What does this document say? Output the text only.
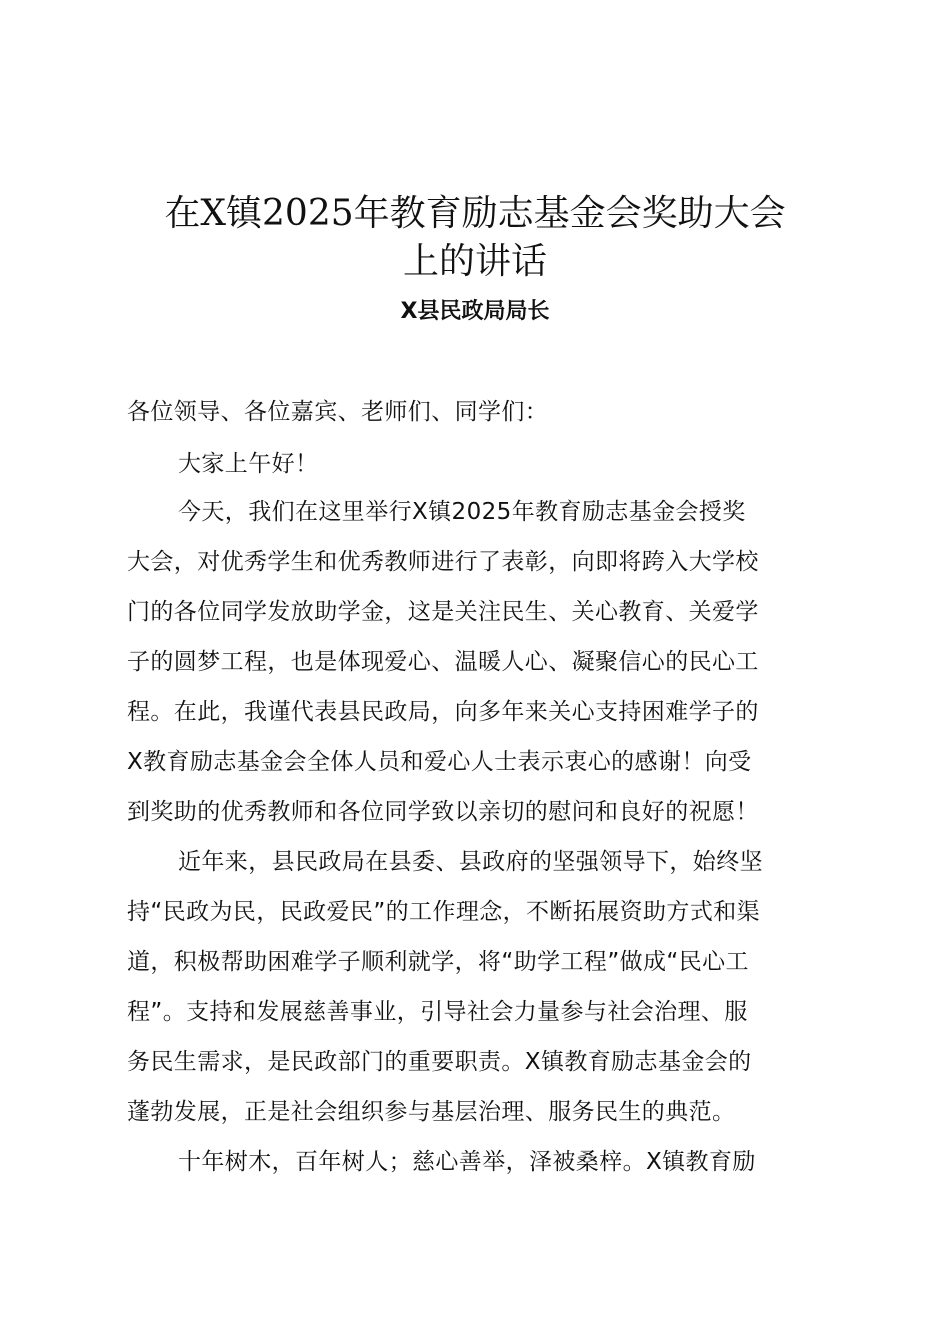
在X镇2025年教育励志基金会奖助大会
上的讲话
X县民政局局长
各位领导、各位嘉宾、老师们、同学们：
大家上午好！
今天，我们在这里举行X镇2025年教育励志基金会授奖
大会，对优秀学生和优秀教师进行了表彰，向即将跨入大学校
门的各位同学发放助学金，这是关注民生、关心教育、关爱学
子的圆梦工程，也是体现爱心、温暖人心、凝聚信心的民心工
程。在此，我谨代表县民政局，向多年来关心支持困难学子的
X教育励志基金会全体人员和爱心人士表示衷心的感谢！向受
到奖助的优秀教师和各位同学致以亲切的慰问和良好的祝愿！
近年来，县民政局在县委、县政府的坚强领导下，始终坚
持“民政为民，民政爱民”的工作理念，不断拓展资助方式和渠
道，积极帮助困难学子顺利就学，将“助学工程”做成“民心工
程”。支持和发展慈善事业，引导社会力量参与社会治理、服
务民生需求，是民政部门的重要职责。X镇教育励志基金会的
蓬勃发展，正是社会组织参与基层治理、服务民生的典范。
十年树木，百年树人；慈心善举，泽被桑梓。X镇教育励
